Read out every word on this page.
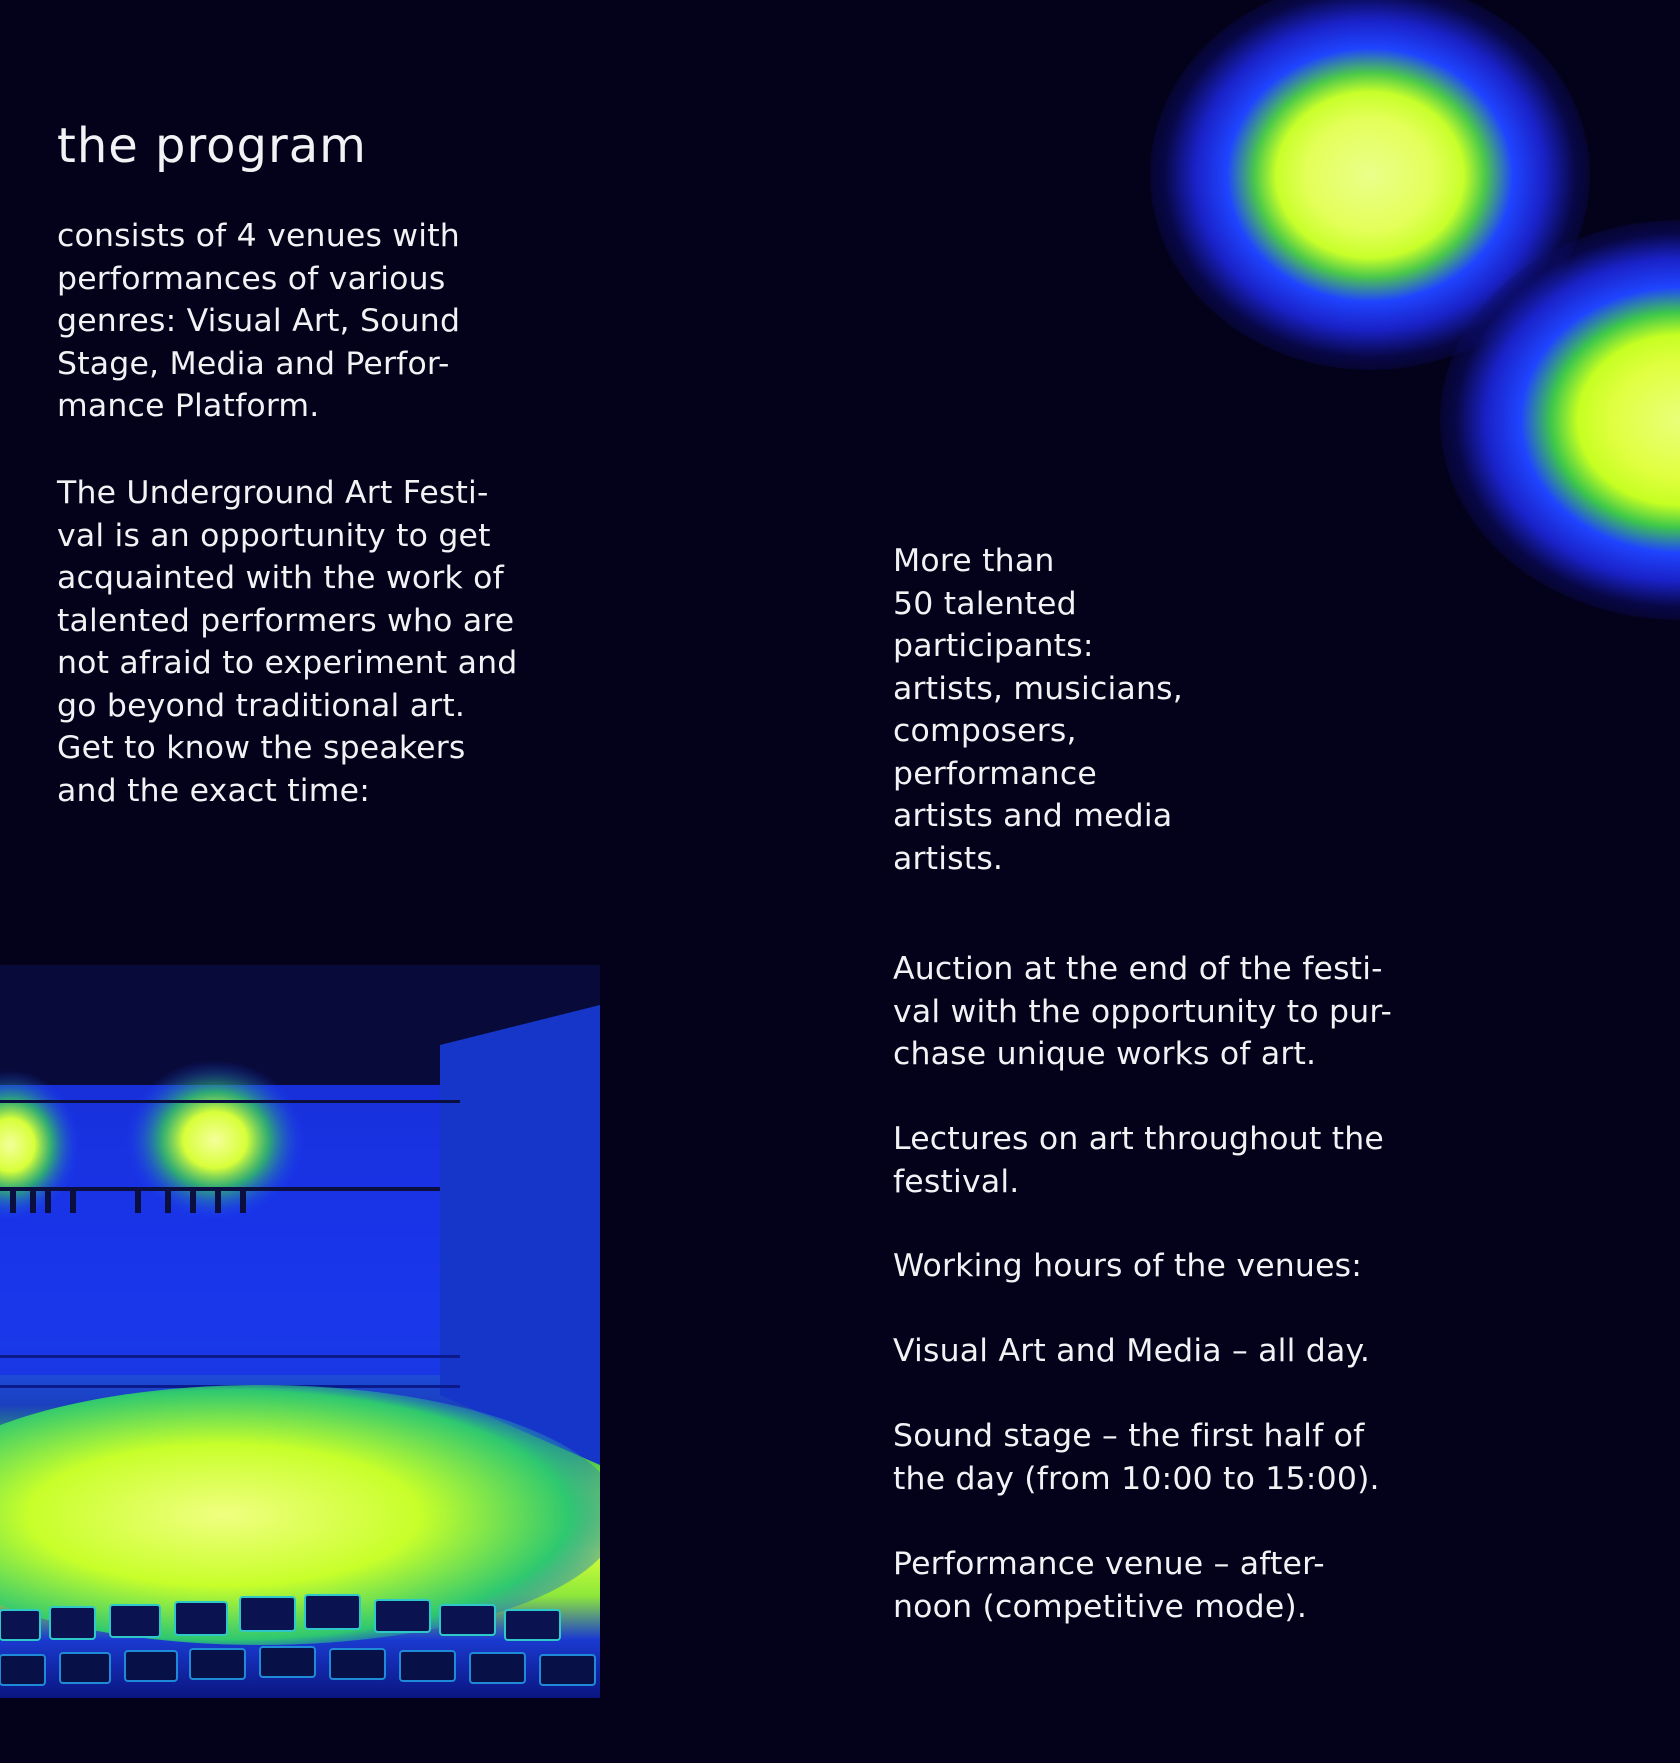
the program

consists of 4 venues with
performances of various
genres: Visual Art, Sound
Stage, Media and Perfor-
mance Platform.

The Underground Art Festi-
val is an opportunity to get
acquainted with the work of
talented performers who are
not afraid to experiment and
go beyond traditional art.
Get to know the speakers
and the exact time:

More than
50 talented
participants:
artists, musicians,
composers,
performance
artists and media
artists.

Auction at the end of the festi-
val with the opportunity to pur-
chase unique works of art.

Lectures on art throughout the
festival.

Working hours of the venues:

Visual Art and Media – all day.

Sound stage – the first half of
the day (from 10:00 to 15:00).

Performance venue – after-
noon (competitive mode).
